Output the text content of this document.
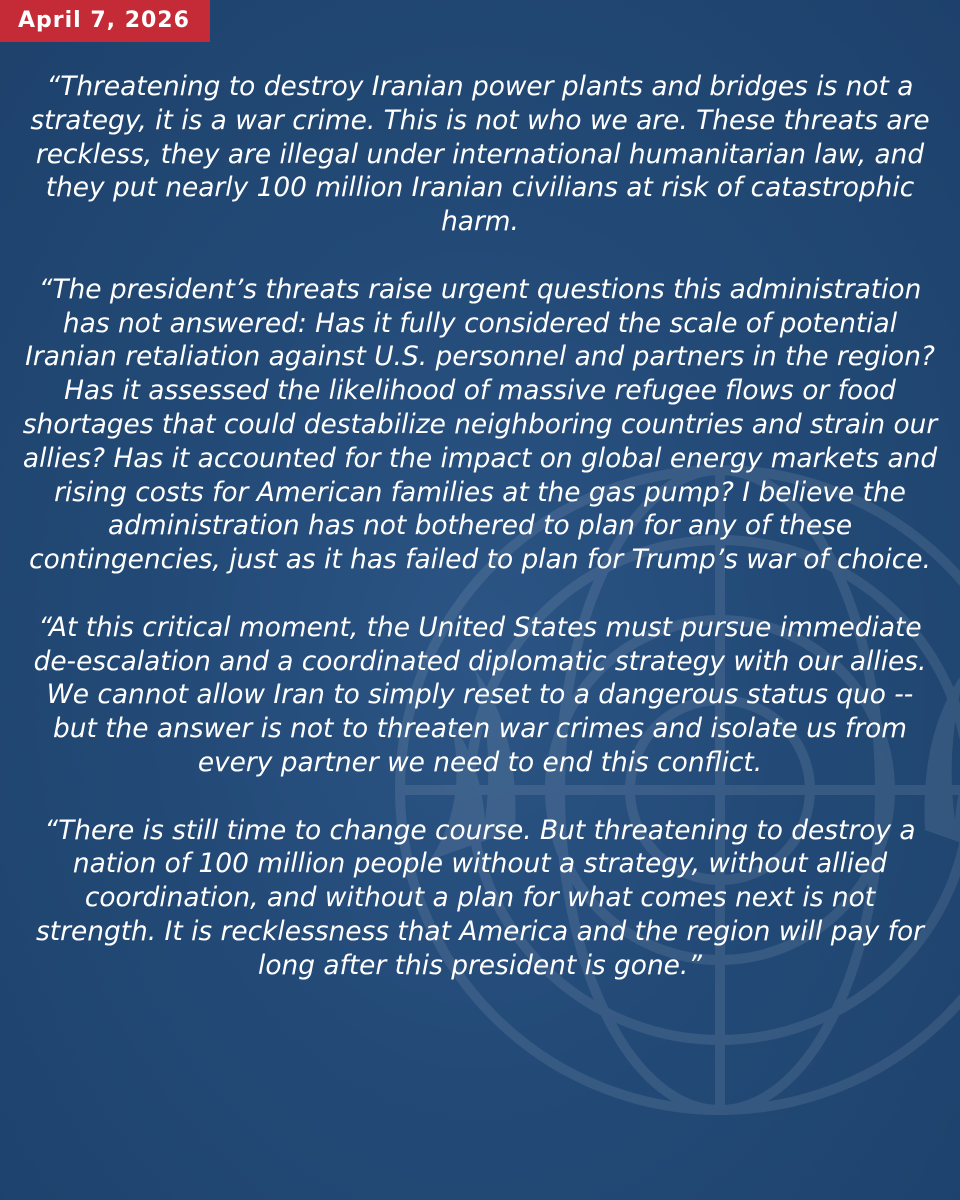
April 7, 2026

“Threatening to destroy Iranian power plants and bridges is not a strategy, it is a war crime. This is not who we are. These threats are reckless, they are illegal under international humanitarian law, and they put nearly 100 million Iranian civilians at risk of catastrophic harm.

“The president’s threats raise urgent questions this administration has not answered: Has it fully considered the scale of potential Iranian retaliation against U.S. personnel and partners in the region? Has it assessed the likelihood of massive refugee flows or food shortages that could destabilize neighboring countries and strain our allies? Has it accounted for the impact on global energy markets and rising costs for American families at the gas pump? I believe the administration has not bothered to plan for any of these contingencies, just as it has failed to plan for Trump’s war of choice.

“At this critical moment, the United States must pursue immediate de-escalation and a coordinated diplomatic strategy with our allies. We cannot allow Iran to simply reset to a dangerous status quo -- but the answer is not to threaten war crimes and isolate us from every partner we need to end this conflict.

“There is still time to change course. But threatening to destroy a nation of 100 million people without a strategy, without allied coordination, and without a plan for what comes next is not strength. It is recklessness that America and the region will pay for long after this president is gone.”
